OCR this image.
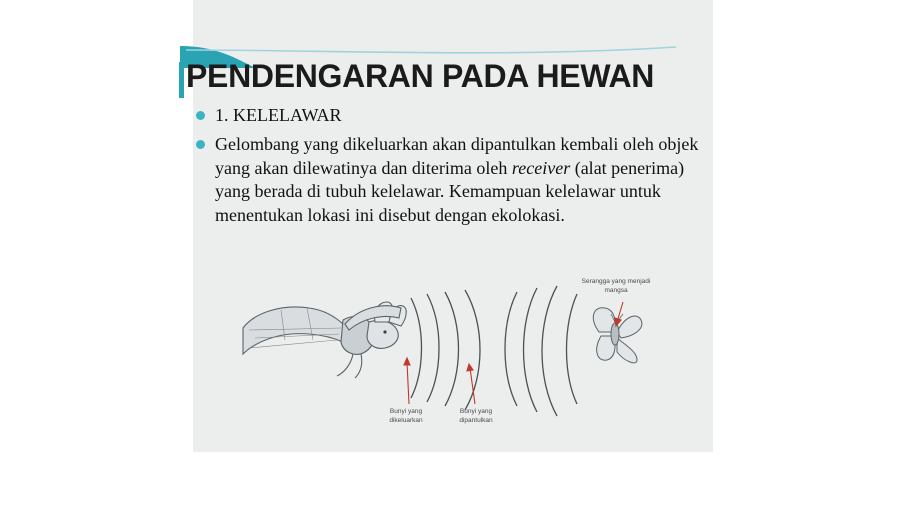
PENDENGARAN PADA HEWAN
1. KELELAWAR
Gelombang yang dikeluarkan akan dipantulkan kembali oleh objek yang akan dilewatinya dan diterima oleh receiver (alat penerima) yang berada di tubuh kelelawar. Kemampuan kelelawar untuk menentukan lokasi ini disebut dengan ekolokasi.
Serangga yang menjadi mangsa
Bunyi yang dikeluarkan
Bunyi yang dipantulkan
